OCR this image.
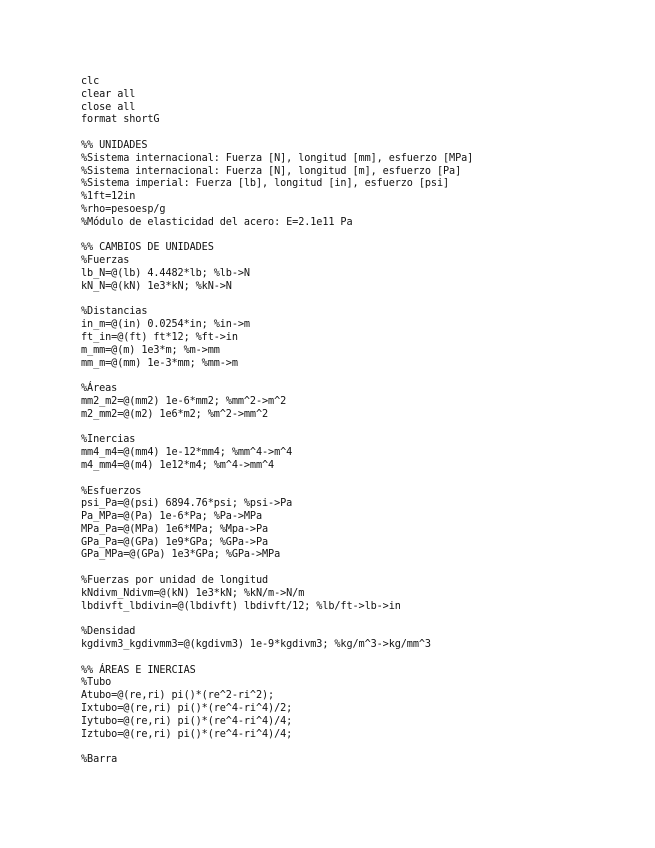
clc
clear all
close all
format shortG
%% UNIDADES
%Sistema internacional: Fuerza [N], longitud [mm], esfuerzo [MPa]
%Sistema internacional: Fuerza [N], longitud [m], esfuerzo [Pa]
%Sistema imperial: Fuerza [lb], longitud [in], esfuerzo [psi]
%1ft=12in
%rho=pesoesp/g
%Módulo de elasticidad del acero: E=2.1e11 Pa
%% CAMBIOS DE UNIDADES
%Fuerzas
lb_N=@(lb) 4.4482*lb; %lb->N
kN_N=@(kN) 1e3*kN; %kN->N
%Distancias
in_m=@(in) 0.0254*in; %in->m
ft_in=@(ft) ft*12; %ft->in
m_mm=@(m) 1e3*m; %m->mm
mm_m=@(mm) 1e-3*mm; %mm->m
%Áreas
mm2_m2=@(mm2) 1e-6*mm2; %mm^2->m^2
m2_mm2=@(m2) 1e6*m2; %m^2->mm^2
%Inercias
mm4_m4=@(mm4) 1e-12*mm4; %mm^4->m^4
m4_mm4=@(m4) 1e12*m4; %m^4->mm^4
%Esfuerzos
psi_Pa=@(psi) 6894.76*psi; %psi->Pa
Pa_MPa=@(Pa) 1e-6*Pa; %Pa->MPa
MPa_Pa=@(MPa) 1e6*MPa; %Mpa->Pa
GPa_Pa=@(GPa) 1e9*GPa; %GPa->Pa
GPa_MPa=@(GPa) 1e3*GPa; %GPa->MPa
%Fuerzas por unidad de longitud
kNdivm_Ndivm=@(kN) 1e3*kN; %kN/m->N/m
lbdivft_lbdivin=@(lbdivft) lbdivft/12; %lb/ft->lb->in
%Densidad
kgdivm3_kgdivmm3=@(kgdivm3) 1e-9*kgdivm3; %kg/m^3->kg/mm^3
%% ÁREAS E INERCIAS
%Tubo
Atubo=@(re,ri) pi()*(re^2-ri^2);
Ixtubo=@(re,ri) pi()*(re^4-ri^4)/2;
Iytubo=@(re,ri) pi()*(re^4-ri^4)/4;
Iztubo=@(re,ri) pi()*(re^4-ri^4)/4;
%Barra
